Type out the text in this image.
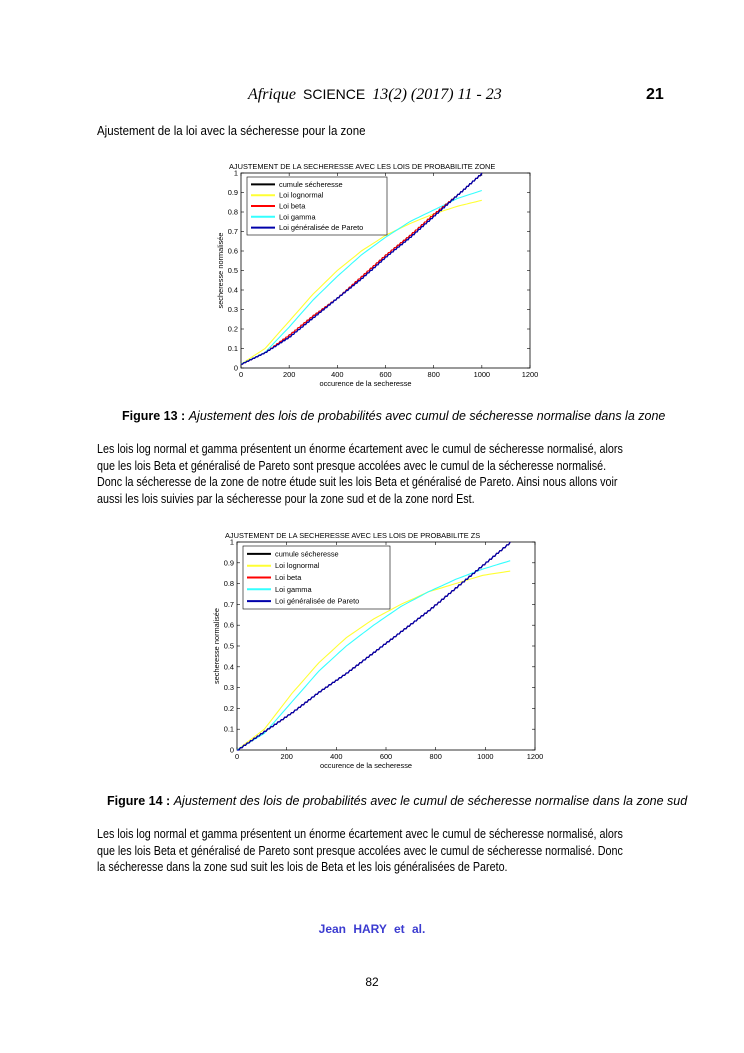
Afrique SCIENCE 13(2) (2017) 11 - 23	21
Ajustement de la loi avec la sécheresse pour la zone
AJUSTEMENT DE LA SECHERESSE AVEC LES LOIS DE PROBABILITE ZONE
0	200	400	600	800	1000	1200
0
0.1
0.2
0.3
0.4
0.5
0.6
0.7
0.8
0.9
1
occurence de la secheresse
secheresse normalisée
cumule sécheresse
Loi lognormal
Loi beta
Loi gamma
Loi généralisée de Pareto
Figure 13 : Ajustement des lois de probabilités avec cumul de sécheresse normalise dans la zone
Les lois log normal et gamma présentent un énorme écartement avec le cumul de sécheresse normalisé, alors
que les lois Beta et généralisé de Pareto sont presque accolées avec le cumul de la sécheresse normalisé.
Donc la sécheresse de la zone de notre étude suit les lois Beta et généralisé de Pareto. Ainsi nous allons voir
aussi les lois suivies par la sécheresse pour la zone sud et de la zone nord Est.
AJUSTEMENT DE LA SECHERESSE AVEC LES LOIS DE PROBABILITE ZS
0	200	400	600	800	1000	1200
0
0.1
0.2
0.3
0.4
0.5
0.6
0.7
0.8
0.9
1
occurence de la secheresse
secheresse normalisée
cumule sécheresse
Loi lognormal
Loi beta
Loi gamma
Loi généralisée de Pareto
Figure 14 : Ajustement des lois de probabilités avec le cumul de sécheresse normalise dans la zone sud
Les lois log normal et gamma présentent un énorme écartement avec le cumul de sécheresse normalisé, alors
que les lois Beta et généralisé de Pareto sont presque accolées avec le cumul de sécheresse normalisé. Donc
la sécheresse dans la zone sud suit les lois de Beta et les lois généralisées de Pareto.
Jean HARY et al.
82
